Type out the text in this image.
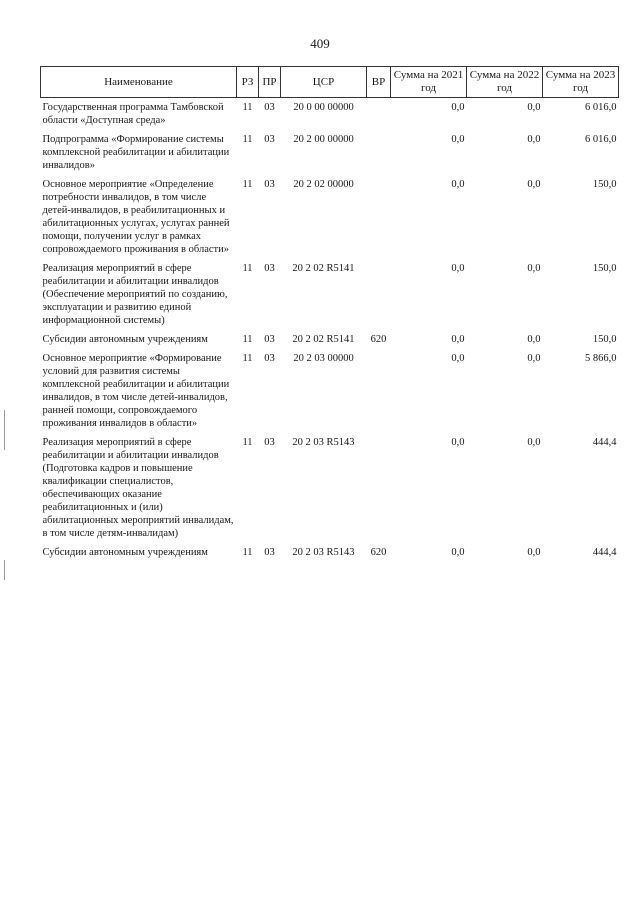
409
Наименование	РЗ	ПР	ЦСР	ВР	Сумма на 2021 год	Сумма на 2022 год	Сумма на 2023 год
Государственная программа Тамбовской области «Доступная среда»	11	03	20 0 00 00000		0,0	0,0	6 016,0
Подпрограмма «Формирование системы комплексной реабилитации и абилитации инвалидов»	11	03	20 2 00 00000		0,0	0,0	6 016,0
Основное мероприятие «Определение потребности инвалидов, в том числе детей-инвалидов, в реабилитационных и абилитационных услугах, услугах ранней помощи, получении услуг в рамках сопровождаемого проживания в области»	11	03	20 2 02 00000		0,0	0,0	150,0
Реализация мероприятий в сфере реабилитации и абилитации инвалидов (Обеспечение мероприятий по созданию, эксплуатации и развитию единой информационной системы)	11	03	20 2 02 R5141		0,0	0,0	150,0
Субсидии автономным учреждениям	11	03	20 2 02 R5141	620	0,0	0,0	150,0
Основное мероприятие «Формирование условий для развития системы комплексной реабилитации и абилитации инвалидов, в том числе детей-инвалидов, ранней помощи, сопровождаемого проживания инвалидов в области»	11	03	20 2 03 00000		0,0	0,0	5 866,0
Реализация мероприятий в сфере реабилитации и абилитации инвалидов (Подготовка кадров и повышение квалификации специалистов, обеспечивающих оказание реабилитационных и (или) абилитационных мероприятий инвалидам, в том числе детям-инвалидам)	11	03	20 2 03 R5143		0,0	0,0	444,4
Субсидии автономным учреждениям	11	03	20 2 03 R5143	620	0,0	0,0	444,4
